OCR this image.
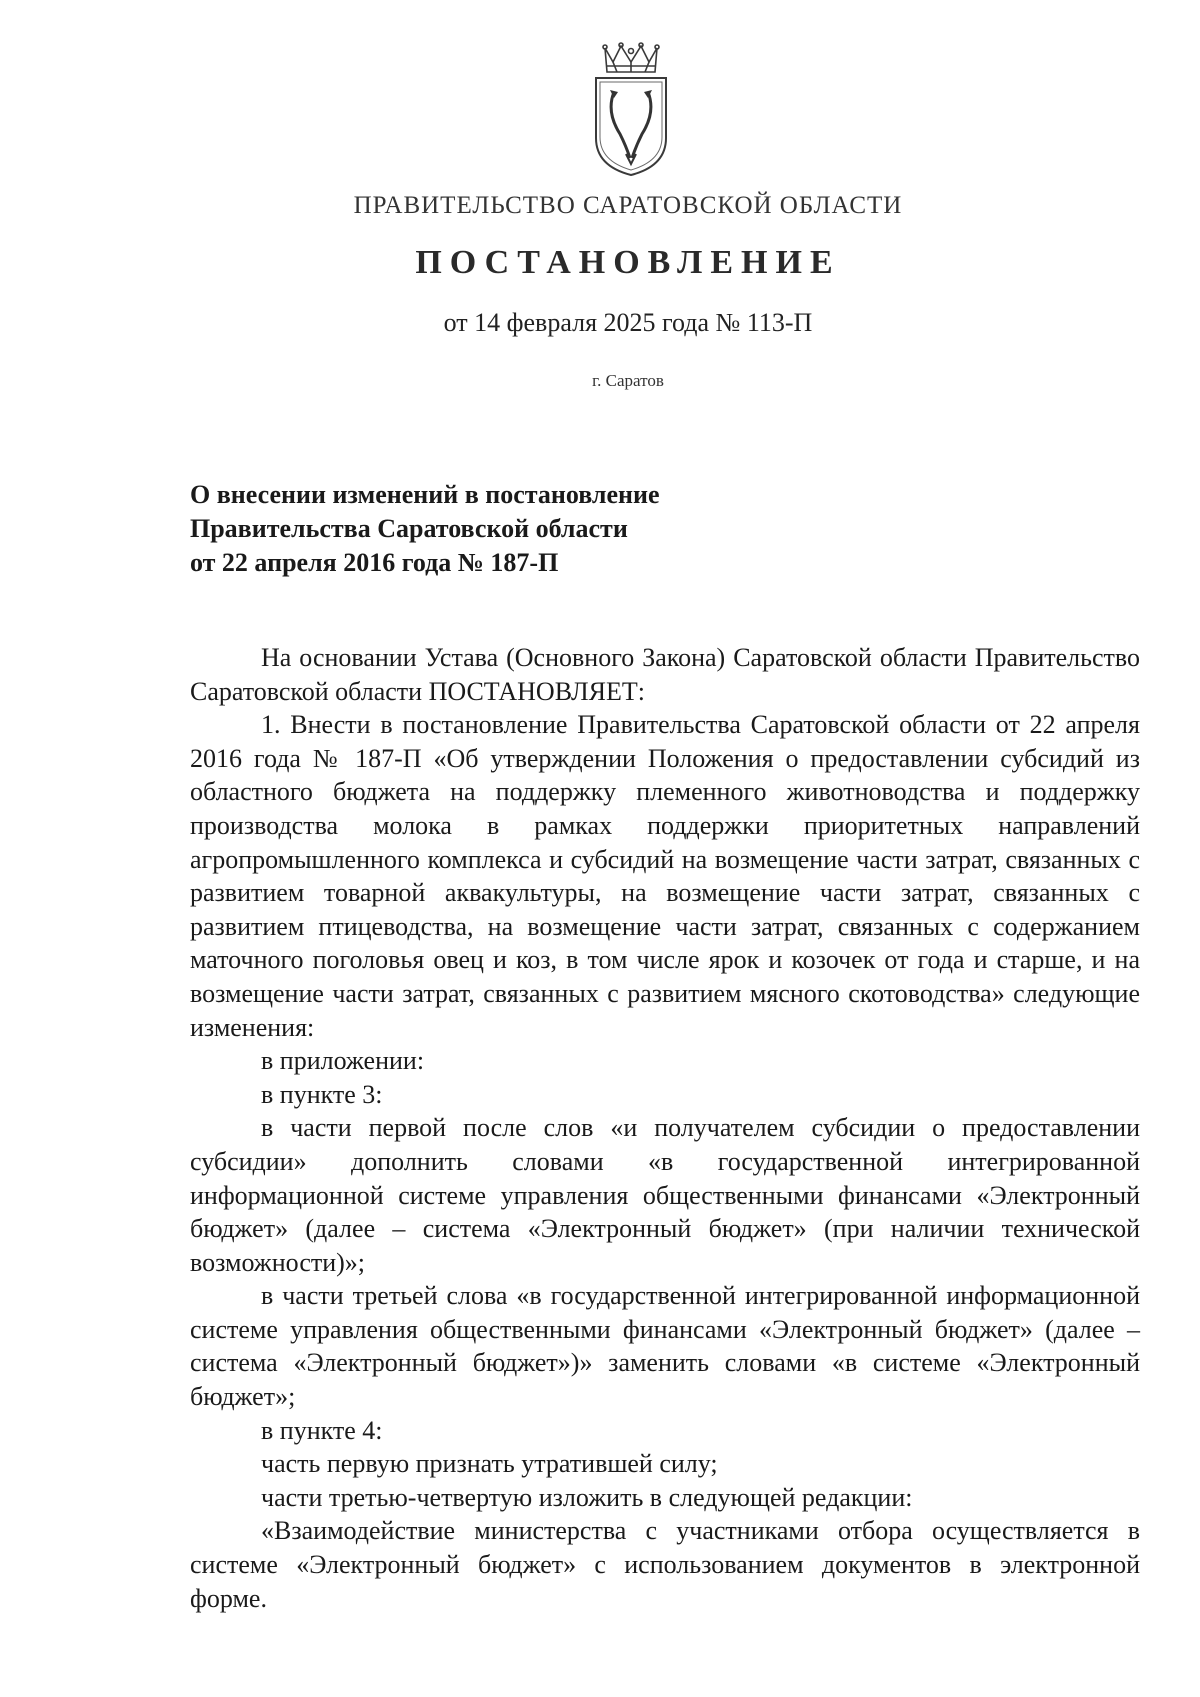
ПРАВИТЕЛЬСТВО САРАТОВСКОЙ ОБЛАСТИ
ПОСТАНОВЛЕНИЕ
от 14 февраля 2025 года № 113-П
г. Саратов
О внесении изменений в постановление
Правительства Саратовской области
от 22 апреля 2016 года № 187-П

На основании Устава (Основного Закона) Саратовской области Правительство Саратовской области ПОСТАНОВЛЯЕТ:

1. Внести в постановление Правительства Саратовской области от 22 апреля 2016 года № 187-П «Об утверждении Положения о предоставлении субсидий из областного бюджета на поддержку племенного животноводства и поддержку производства молока в рамках поддержки приоритетных направлений агропромышленного комплекса и субсидий на возмещение части затрат, связанных с развитием товарной аквакультуры, на возмещение части затрат, связанных с развитием птицеводства, на возмещение части затрат, связанных с содержанием маточного поголовья овец и коз, в том числе ярок и козочек от года и старше, и на возмещение части затрат, связанных с развитием мясного скотоводства» следующие изменения:

в приложении:

в пункте 3:

в части первой после слов «и получателем субсидии о предоставлении субсидии» дополнить словами «в государственной интегрированной информационной системе управления общественными финансами «Электронный бюджет» (далее – система «Электронный бюджет» (при наличии технической возможности)»;

в части третьей слова «в государственной интегрированной информационной системе управления общественными финансами «Электронный бюджет» (далее – система «Электронный бюджет»)» заменить словами «в системе «Электронный бюджет»;

в пункте 4:

часть первую признать утратившей силу;

части третью-четвертую изложить в следующей редакции:

«Взаимодействие министерства с участниками отбора осуществляется в системе «Электронный бюджет» с использованием документов в электронной форме.
